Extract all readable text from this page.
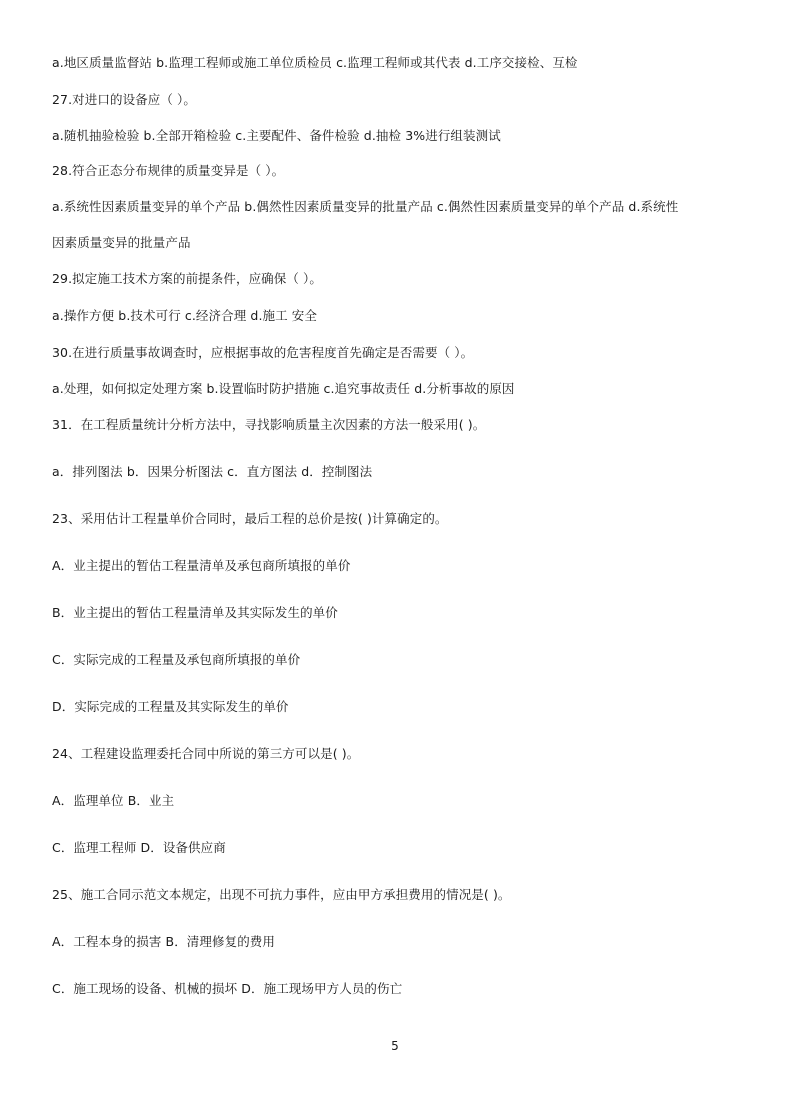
a.地区质量监督站 b.监理工程师或施工单位质检员 c.监理工程师或其代表 d.工序交接检、互检
27.对进口的设备应（ ）。
a.随机抽验检验 b.全部开箱检验 c.主要配件、备件检验 d.抽检 3%进行组装测试
28.符合正态分布规律的质量变异是（ ）。
a.系统性因素质量变异的单个产品 b.偶然性因素质量变异的批量产品 c.偶然性因素质量变异的单个产品 d.系统性
因素质量变异的批量产品
29.拟定施工技术方案的前提条件，应确保（ ）。
a.操作方便 b.技术可行 c.经济合理 d.施工 安全
30.在进行质量事故调查时，应根据事故的危害程度首先确定是否需要（ ）。
a.处理，如何拟定处理方案 b.设置临时防护措施 c.追究事故责任 d.分析事故的原因
31．在工程质量统计分析方法中，寻找影响质量主次因素的方法一般采用( )。
a．排列图法 b．因果分析图法 c．直方图法 d．控制图法
23、采用估计工程量单价合同时，最后工程的总价是按( )计算确定的。
A．业主提出的暂估工程量清单及承包商所填报的单价
B．业主提出的暂估工程量清单及其实际发生的单价
C．实际完成的工程量及承包商所填报的单价
D．实际完成的工程量及其实际发生的单价
24、工程建设监理委托合同中所说的第三方可以是( )。
A．监理单位 B．业主
C．监理工程师 D．设备供应商
25、施工合同示范文本规定，出现不可抗力事件，应由甲方承担费用的情况是( )。
A．工程本身的损害 B．清理修复的费用
C．施工现场的设备、机械的损坏 D．施工现场甲方人员的伤亡
5
